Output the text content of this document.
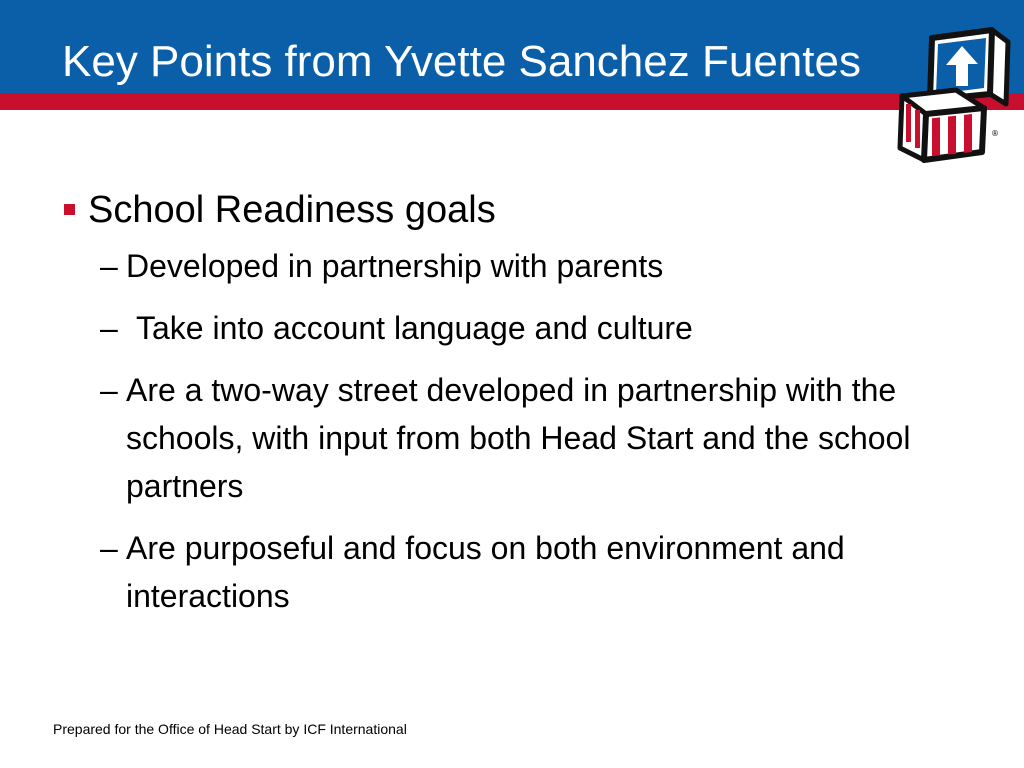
Key Points from Yvette Sanchez Fuentes
®
School Readiness goals
– Developed in partnership with parents
– Take into account language and culture
– Are a two-way street developed in partnership with the schools, with input from both Head Start and the school partners
– Are purposeful and focus on both environment and interactions
Prepared for the Office of Head Start by ICF International
